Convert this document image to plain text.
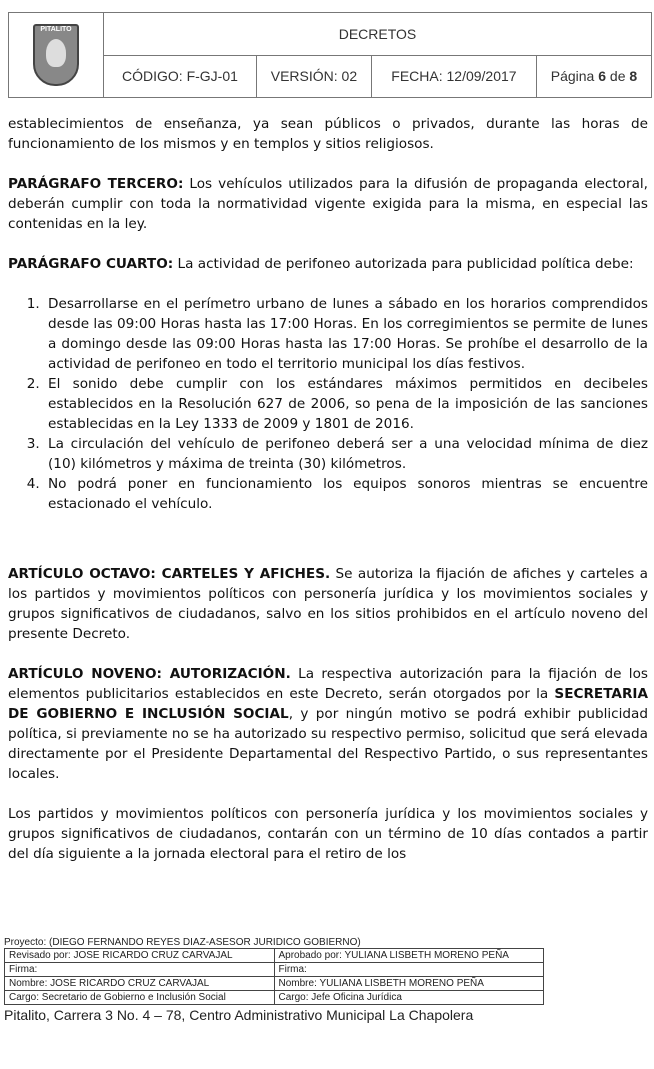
PITALITO	DECRETOS			
	CÓDIGO: F-GJ-01	VERSIÓN: 02	FECHA: 12/09/2017	Página 6 de 8

establecimientos de enseñanza, ya sean públicos o privados, durante las horas de funcionamiento de los mismos y en templos y sitios religiosos.

PARÁGRAFO TERCERO: Los vehículos utilizados para la difusión de propaganda electoral, deberán cumplir con toda la normatividad vigente exigida para la misma, en especial las contenidas en la ley.

PARÁGRAFO CUARTO: La actividad de perifoneo autorizada para publicidad política debe:

1. Desarrollarse en el perímetro urbano de lunes a sábado en los horarios comprendidos desde las 09:00 Horas hasta las 17:00 Horas. En los corregimientos se permite de lunes a domingo desde las 09:00 Horas hasta las 17:00 Horas. Se prohíbe el desarrollo de la actividad de perifoneo en todo el territorio municipal los días festivos.
2. El sonido debe cumplir con los estándares máximos permitidos en decibeles establecidos en la Resolución 627 de 2006, so pena de la imposición de las sanciones establecidas en la Ley 1333 de 2009 y 1801 de 2016.
3. La circulación del vehículo de perifoneo deberá ser a una velocidad mínima de diez (10) kilómetros y máxima de treinta (30) kilómetros.
4. No podrá poner en funcionamiento los equipos sonoros mientras se encuentre estacionado el vehículo.

ARTÍCULO OCTAVO: CARTELES Y AFICHES. Se autoriza la fijación de afiches y carteles a los partidos y movimientos políticos con personería jurídica y los movimientos sociales y grupos significativos de ciudadanos, salvo en los sitios prohibidos en el artículo noveno del presente Decreto.

ARTÍCULO NOVENO: AUTORIZACIÓN. La respectiva autorización para la fijación de los elementos publicitarios establecidos en este Decreto, serán otorgados por la SECRETARIA DE GOBIERNO E INCLUSIÓN SOCIAL, y por ningún motivo se podrá exhibir publicidad política, si previamente no se ha autorizado su respectivo permiso, solicitud que será elevada directamente por el Presidente Departamental del Respectivo Partido, o sus representantes locales.

Los partidos y movimientos políticos con personería jurídica y los movimientos sociales y grupos significativos de ciudadanos, contarán con un término de 10 días contados a partir del día siguiente a la jornada electoral para el retiro de los

Proyecto: (DIEGO FERNANDO REYES DIAZ-ASESOR JURIDICO GOBIERNO)
Revisado por: JOSE RICARDO CRUZ CARVAJAL	Aprobado por: YULIANA LISBETH MORENO PEÑA
Firma:	Firma:
Nombre: JOSE RICARDO CRUZ CARVAJAL	Nombre: YULIANA LISBETH MORENO PEÑA
Cargo: Secretario de Gobierno e Inclusión Social	Cargo: Jefe Oficina Jurídica
Pitalito, Carrera 3 No. 4 – 78, Centro Administrativo Municipal La Chapolera
